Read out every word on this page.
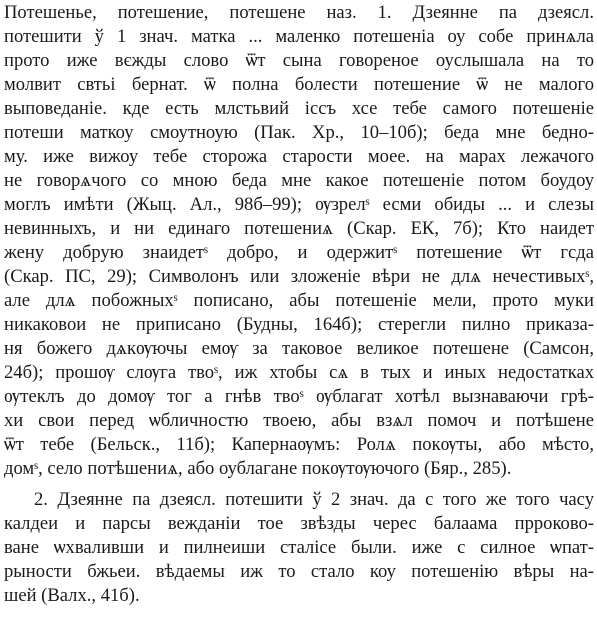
Потешенье, потешение, потешене наз. 1. Дзеянне па дзеясл.
потешити ў 1 знач. матка ... маленко потешеніа оу собе принѧла
прото иже вєжды слово ѿт сына говореное оуслышала на то
молвит свтьі бернат. ѿ полна болести потешение ѿ не малого
выповеданіе. кде есть млстьвий іссъ хсе тебе самого потешеніе
потеши маткоу смоутноую (Пак. Хр., 10–10б); беда мне бедно-
му. иже вижоу тебе сторожа старости моее. на марах лежачого
не говорѧчого со мною беда мне какое потешеніе потом боудоу
моглъ имѣти (Жыц. Ал., 98б–99); ѹзрелˢ есми обиды ... и слезы
невинныхъ, и ни единаго потешениѧ (Скар. ЕК, 7б); Кто наидет
жену добрую знаидетˢ добро, и одержитˢ потешение ѿт гсда
(Скар. ПС, 29); Символонъ или зложеніе вѣри не длѧ нечестивыхˢ,
але длѧ побожныхˢ пописано, абы потешеніе мели, прото муки
никаковои не приписано (Будны, 164б); стерегли пилно приказа-
ня божего дѧкѹючы емѹ за таковое великое потешене (Самсон,
24б); прошѹ слѹга твоˢ, иж хтобы сѧ в тых и иных недостатках
ѹтеклъ до домѹ тог а гнѣв твоˢ ѹблагат хотѣл вызнаваючи грѣ-
хи свои перед ѡбличностю твоею, абы взѧл помоч и потѣшене
ѿт тебе (Бельск., 11б); Капернаѹмъ: Ролѧ покѹты, або мѣсто,
домˢ, село потѣшениѧ, або оублагане покѹтѹючого (Бяр., 285).
2. Дзеянне па дзеясл. потешити ў 2 знач. да с того же того часу
калдеи и парсы вежданіи тое звѣзды черес балаама прроково-
ване ѡхваливши и пилнеиши сталісе были. иже с силное ѡпат-
рыности бжьеи. вѣдаемы иж то стало коу потешенію вѣры на-
шей (Валх., 41б).
